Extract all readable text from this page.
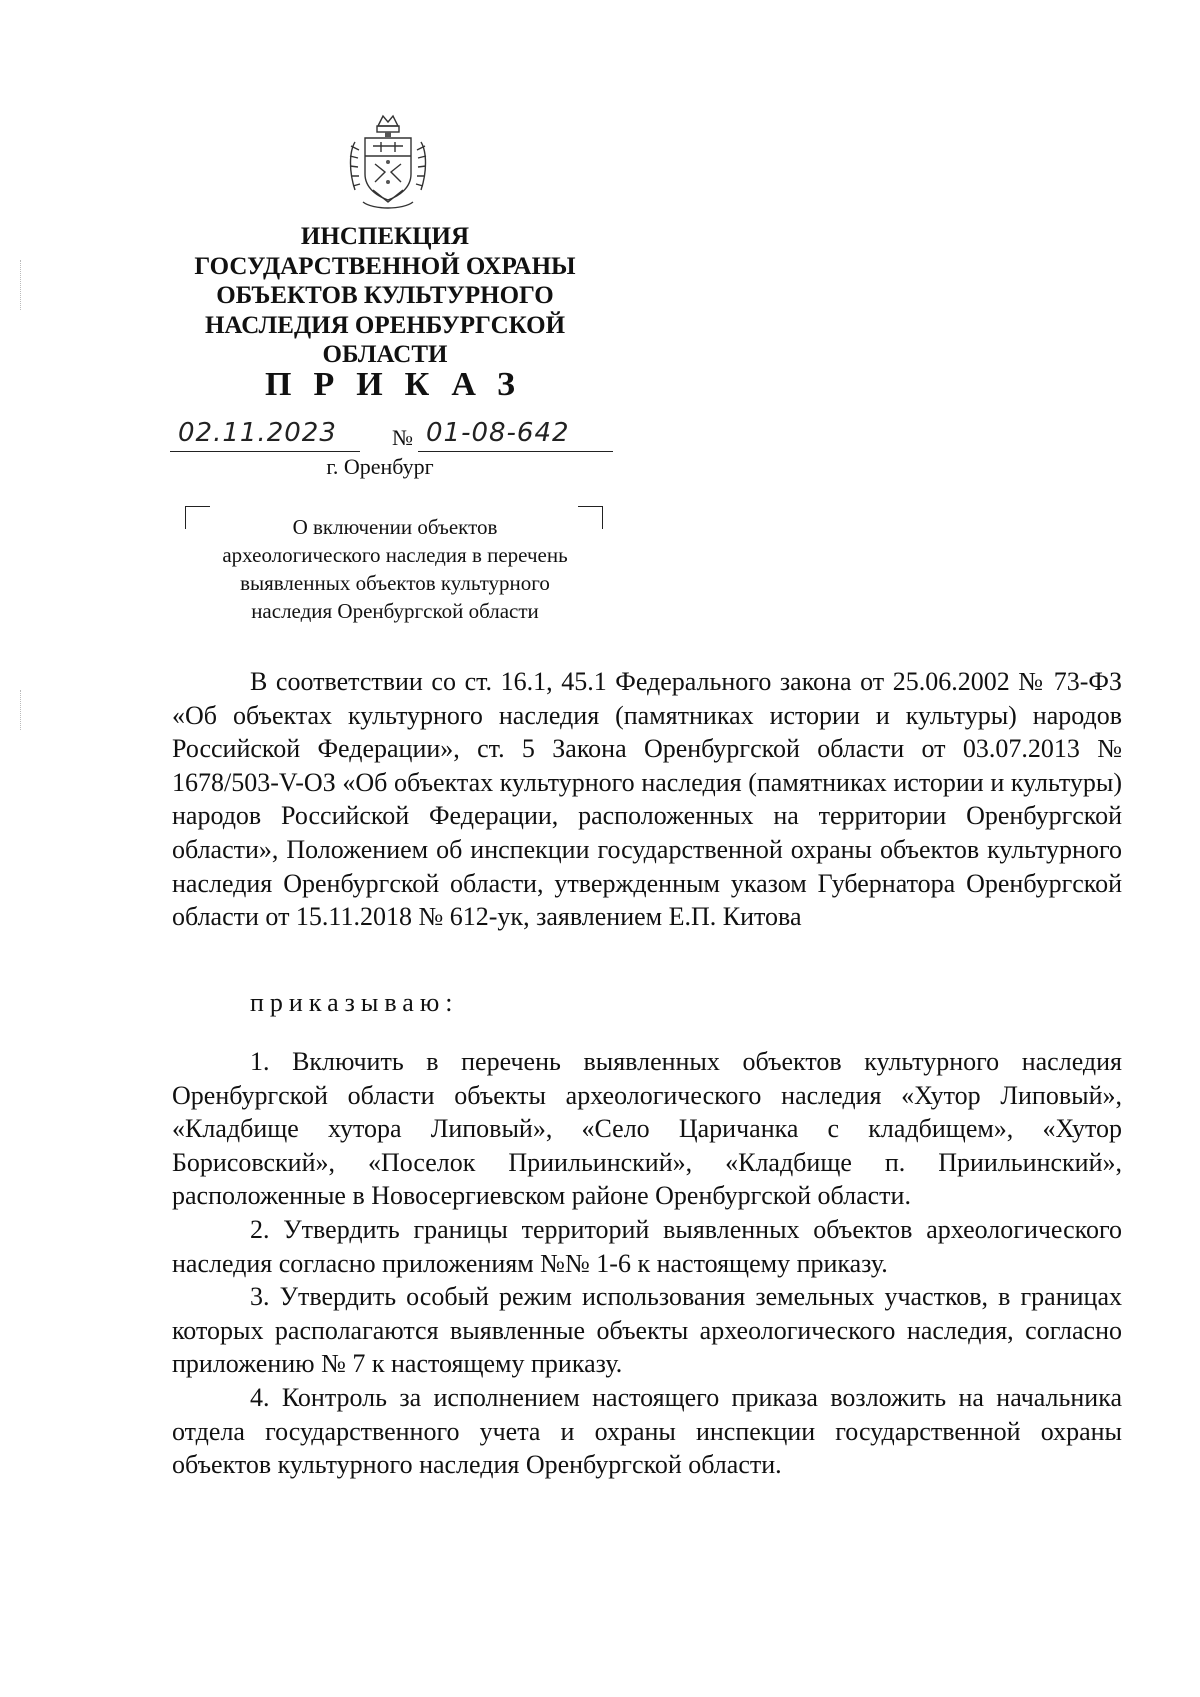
ИНСПЕКЦИЯ
ГОСУДАРСТВЕННОЙ ОХРАНЫ
ОБЪЕКТОВ КУЛЬТУРНОГО
НАСЛЕДИЯ ОРЕНБУРГСКОЙ
ОБЛАСТИ
ПРИКАЗ
02.11.2023	№ 01-08-642
г. Оренбург
О включении объектов
археологического наследия в перечень
выявленных объектов культурного
наследия Оренбургской области

В соответствии со ст. 16.1, 45.1 Федерального закона от 25.06.2002 № 73-ФЗ «Об объектах культурного наследия (памятниках истории и культуры) народов Российской Федерации», ст. 5 Закона Оренбургской области от 03.07.2013 № 1678/503-V-ОЗ «Об объектах культурного наследия (памятниках истории и культуры) народов Российской Федерации, расположенных на территории Оренбургской области», Положением об инспекции государственной охраны объектов культурного наследия Оренбургской области, утвержденным указом Губернатора Оренбургской области от 15.11.2018 № 612-ук, заявлением Е.П. Китова

приказываю:

1. Включить в перечень выявленных объектов культурного наследия Оренбургской области объекты археологического наследия «Хутор Липовый», «Кладбище хутора Липовый», «Село Царичанка с кладбищем», «Хутор Борисовский», «Поселок Приильинский», «Кладбище п. Приильинский», расположенные в Новосергиевском районе Оренбургской области.

2. Утвердить границы территорий выявленных объектов археологического наследия согласно приложениям №№ 1-6 к настоящему приказу.

3. Утвердить особый режим использования земельных участков, в границах которых располагаются выявленные объекты археологического наследия, согласно приложению № 7 к настоящему приказу.

4. Контроль за исполнением настоящего приказа возложить на начальника отдела государственного учета и охраны инспекции государственной охраны объектов культурного наследия Оренбургской области.
